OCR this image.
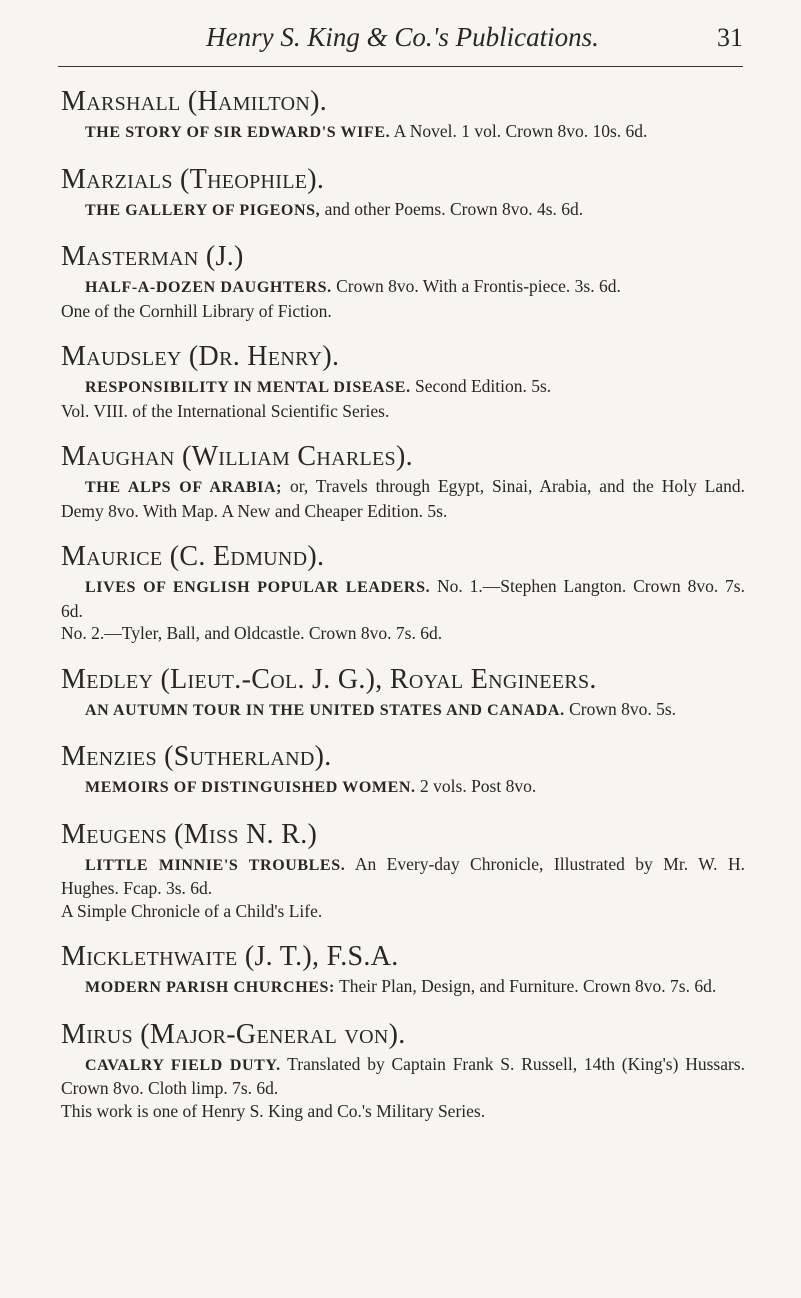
Henry S. King & Co.'s Publications.	31
Marshall (Hamilton).
THE STORY OF SIR EDWARD'S WIFE. A Novel. 1 vol. Crown 8vo. 10s. 6d.
Marzials (Theophile).
THE GALLERY OF PIGEONS, and other Poems. Crown 8vo. 4s. 6d.
Masterman (J.)
HALF-A-DOZEN DAUGHTERS. Crown 8vo. With a Frontis-piece. 3s. 6d.
One of the Cornhill Library of Fiction.
Maudsley (Dr. Henry).
RESPONSIBILITY IN MENTAL DISEASE. Second Edition. 5s.
Vol. VIII. of the International Scientific Series.
Maughan (William Charles).
THE ALPS OF ARABIA; or, Travels through Egypt, Sinai, Arabia, and the Holy Land. Demy 8vo. With Map. A New and Cheaper Edition. 5s.
Maurice (C. Edmund).
LIVES OF ENGLISH POPULAR LEADERS. No. 1.—Stephen Langton. Crown 8vo. 7s. 6d.
No. 2.—Tyler, Ball, and Oldcastle. Crown 8vo. 7s. 6d.
Medley (Lieut.-Col. J. G.), Royal Engineers.
AN AUTUMN TOUR IN THE UNITED STATES AND CANADA. Crown 8vo. 5s.
Menzies (Sutherland).
MEMOIRS OF DISTINGUISHED WOMEN. 2 vols. Post 8vo.
Meugens (Miss N. R.)
LITTLE MINNIE'S TROUBLES. An Every-day Chronicle, Illustrated by Mr. W. H. Hughes. Fcap. 3s. 6d.
A Simple Chronicle of a Child's Life.
Micklethwaite (J. T.), F.S.A.
MODERN PARISH CHURCHES: Their Plan, Design, and Furniture. Crown 8vo. 7s. 6d.
Mirus (Major-General von).
CAVALRY FIELD DUTY. Translated by Captain Frank S. Russell, 14th (King's) Hussars. Crown 8vo. Cloth limp. 7s. 6d.
This work is one of Henry S. King and Co.'s Military Series.
